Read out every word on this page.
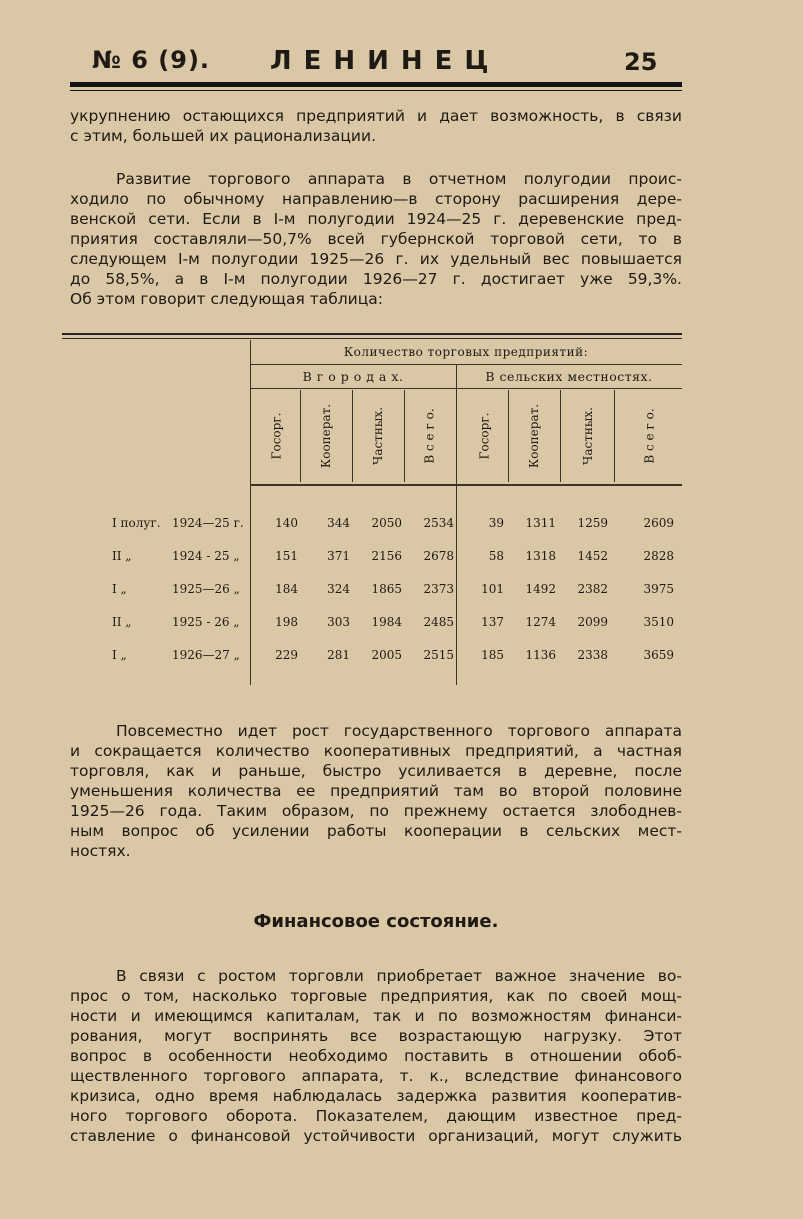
№ 6 (9). ЛЕНИНЕЦ	25

укрупнению остающихся предприятий и дает возможность, в связи

с этим, большей их рационализации.

Развитие торгового аппарата в отчетном полугодии проис-

ходило по обычному направлению—в сторону расширения дере-

венской сети. Если в I-м полугодии 1924—25 г. деревенские пред-

приятия составляли—50,7% всей губернской торговой сети, то в

следующем I-м полугодии 1925—26 г. их удельный вес повышается

до 58,5%, а в I-м полугодии 1926—27 г. достигает уже 59,3%.

Об этом говорит следующая таблица:

Количество торговых предприятий:
В г о р о д а х.	В сельских местностях.
Госорг.	Кооперат.	Частных.	В с е г о.	Госорг.	Кооперат.	Частных.	В с е г о.
I полуг. 1924—25 г.	140	344	2050	2534	39	1311	1259	2609
II „	1924 - 25 „	151	371	2156	2678	58	1318	1452	2828
I „	1925—26 „	184	324	1865	2373	101	1492	2382	3975
II „	1925 - 26 „	198	303	1984	2485	137	1274	2099	3510
I „	1926—27 „	229	281	2005	2515	185	1136	2338	3659

Повсеместно идет рост государственного торгового аппарата

и сокращается количество кооперативных предприятий, а частная

торговля, как и раньше, быстро усиливается в деревне, после

уменьшения количества ее предприятий там во второй половине

1925—26 года. Таким образом, по прежнему остается злободнев-

ным вопрос об усилении работы кооперации в сельских мест-

ностях.

Финансовое состояние.

В связи с ростом торговли приобретает важное значение во-

прос о том, насколько торговые предприятия, как по своей мощ-

ности и имеющимся капиталам, так и по возможностям финанси-

рования, могут воспринять все возрастающую нагрузку. Этот

вопрос в особенности необходимо поставить в отношении обоб-

ществленного торгового аппарата, т. к., вследствие финансового

кризиса, одно время наблюдалась задержка развития кооператив-

ного торгового оборота. Показателем, дающим известное пред-

ставление о финансовой устойчивости организаций, могут служить
